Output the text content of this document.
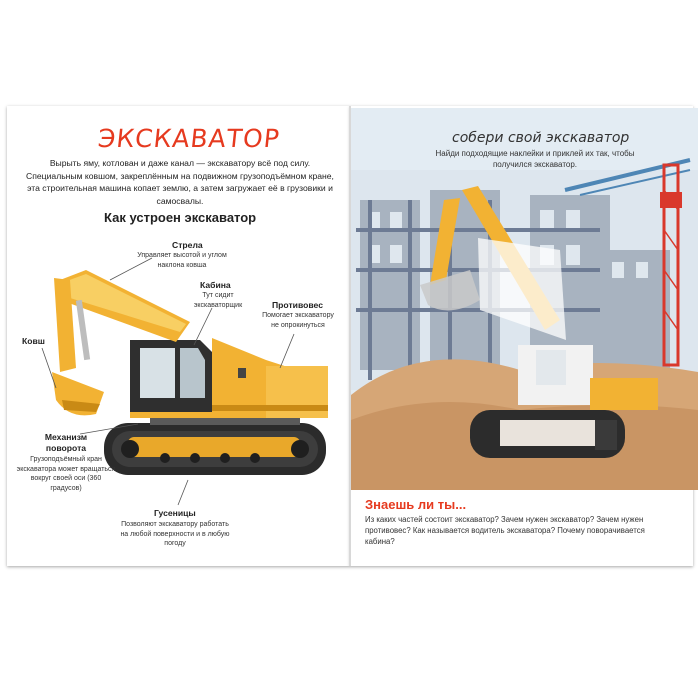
ЭКСКАВАТОР
Вырыть яму, котлован и даже канал — экскаватору всё под силу. Специальным ковшом, закреплённым на подвижном грузоподъёмном кране, эта строительная машина копает землю, а затем загружает её в грузовики и самосвалы.
Как устроен экскаватор
Стрела
Управляет высотой и углом наклона ковша
Кабина
Тут сидит экскаваторщик	Противовес
Помогает экскаватору не опрокинуться
Ковш
Механизм поворота
Грузоподъёмный кран экскаватора может вращаться вокруг своей оси (360 градусов)
Гусеницы
Позволяют экскаватору работать на любой поверхности и в любую погоду
собери свой экскаватор
Найди подходящие наклейки и приклей их так, чтобы получился экскаватор.
Знаешь ли ты...
Из каких частей состоит экскаватор? Зачем нужен экскаватор? Зачем нужен противовес? Как называется водитель экскаватора? Почему поворачивается кабина?
